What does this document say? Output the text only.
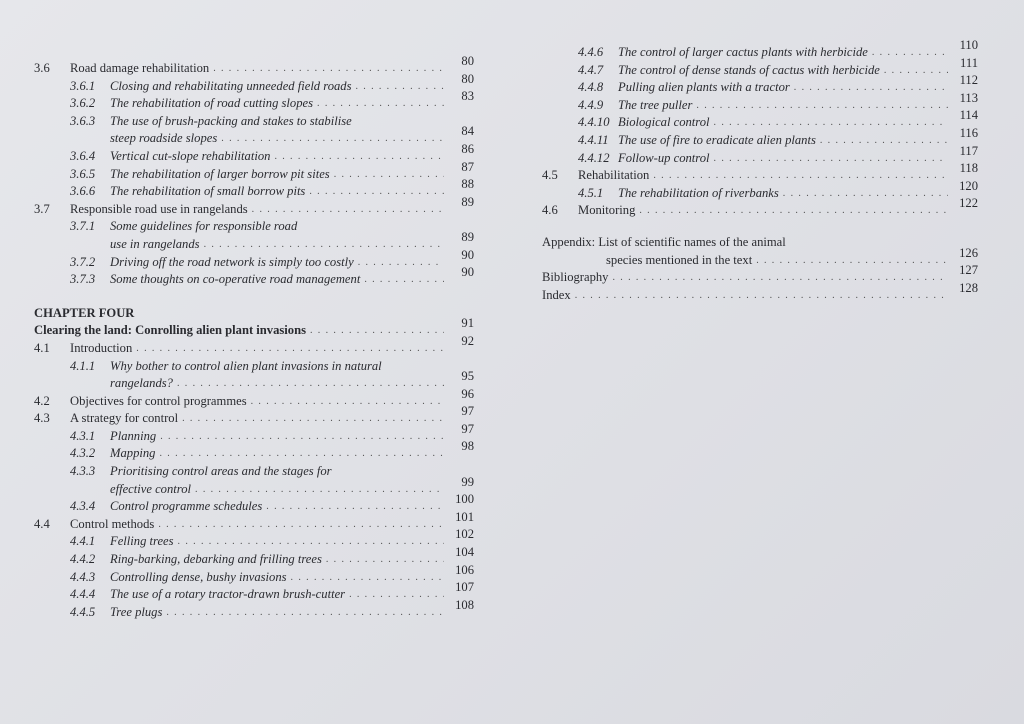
3.6	Road damage rehabilitation . . .	80
3.6.1	Closing and rehabilitating unneeded field roads . . .	80
3.6.2	The rehabilitation of road cutting slopes . . .	83
3.6.3	The use of brush-packing and stakes to stabilise
steep roadside slopes . . .	84
3.6.4	Vertical cut-slope rehabilitation . . .	86
3.6.5	The rehabilitation of larger borrow pit sites . . .	87
3.6.6	The rehabilitation of small borrow pits . . .	88
3.7	Responsible road use in rangelands . . .	89
3.7.1	Some guidelines for responsible road
use in rangelands . . .	89
3.7.2	Driving off the road network is simply too costly . . .	90
3.7.3	Some thoughts on co-operative road management . . .	90
CHAPTER FOUR
Clearing the land: Conrolling alien plant invasions . . .	91
4.1	Introduction . . .	92
4.1.1	Why bother to control alien plant invasions in natural
rangelands? . . .	95
4.2	Objectives for control programmes . . .	96
4.3	A strategy for control . . .	97
4.3.1	Planning . . .	97
4.3.2	Mapping . . .	98
4.3.3	Prioritising control areas and the stages for
effective control . . .	99
4.3.4	Control programme schedules . . .	100
4.4	Control methods . . .	101
4.4.1	Felling trees . . .	102
4.4.2	Ring-barking, debarking and frilling trees . . .	104
4.4.3	Controlling dense, bushy invasions . . .	106
4.4.4	The use of a rotary tractor-drawn brush-cutter . . .	107
4.4.5	Tree plugs . . .	108
4.4.6	The control of larger cactus plants with herbicide . . .	110
4.4.7	The control of dense stands of cactus with herbicide . . .	111
4.4.8	Pulling alien plants with a tractor . . .	112
4.4.9	The tree puller . . .	113
4.4.10 Biological control . . .	114
4.4.11 The use of fire to eradicate alien plants . . .	116
4.4.12 Follow-up control . . .	117
4.5	Rehabilitation . . .	118
4.5.1	The rehabilitation of riverbanks . . .	120
4.6	Monitoring . . .	122
Appendix: List of scientific names of the animal
species mentioned in the text . . .	126
Bibliography . . .	127
Index . . .	128
